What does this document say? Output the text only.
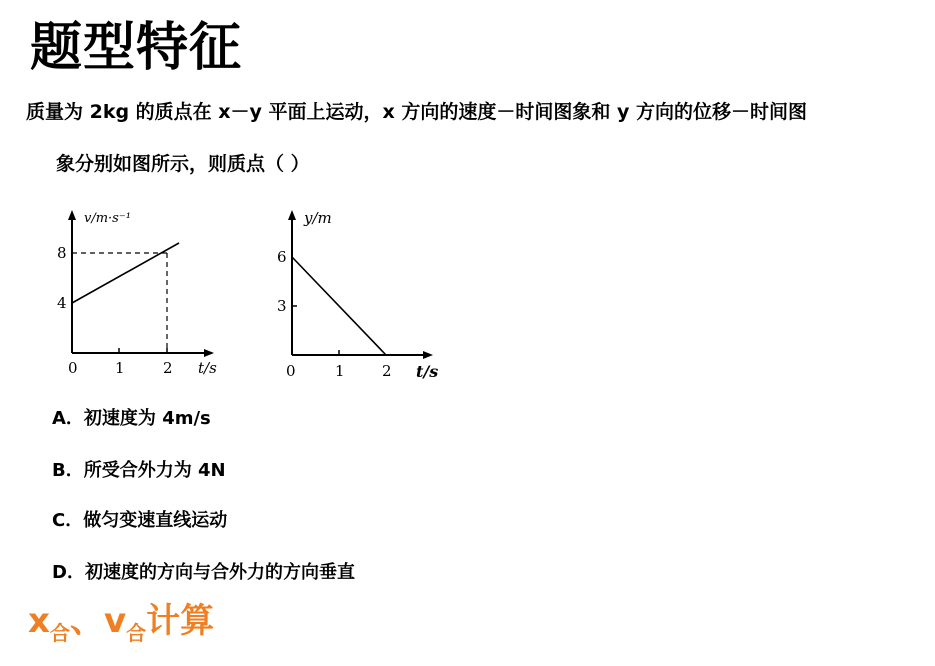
题型特征
质量为 2kg 的质点在 x－y 平面上运动，x 方向的速度－时间图象和 y 方向的位移－时间图
象分别如图所示，则质点（ ）
v/m·s⁻¹
8
4
0 1	2 t/s
y/m
6
3
0	1 2 t/s
A．初速度为 4m/s
B．所受合外力为 4N
C．做匀变速直线运动
D．初速度的方向与合外力的方向垂直
$x_合$、$v_合$计算
